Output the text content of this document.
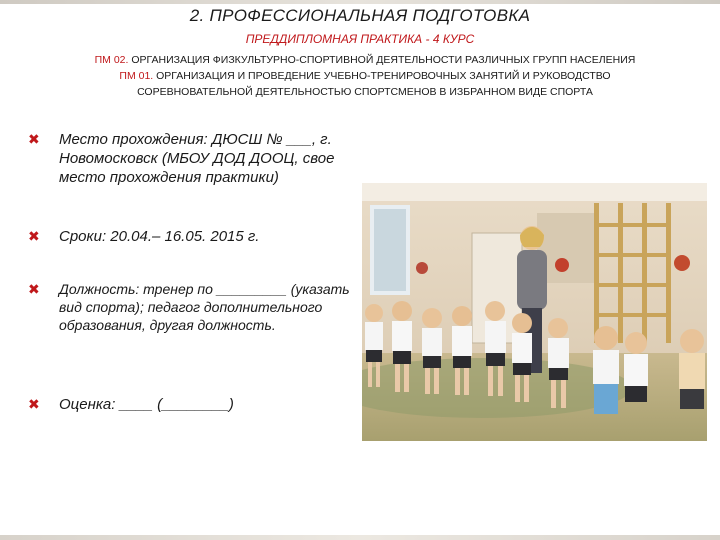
2. ПРОФЕССИОНАЛЬНАЯ ПОДГОТОВКА
ПРЕДДИПЛОМНАЯ ПРАКТИКА - 4 КУРС
ПМ 02. ОРГАНИЗАЦИЯ ФИЗКУЛЬТУРНО-СПОРТИВНОЙ ДЕЯТЕЛЬНОСТИ РАЗЛИЧНЫХ ГРУПП НАСЕЛЕНИЯ
ПМ 01. ОРГАНИЗАЦИЯ И ПРОВЕДЕНИЕ УЧЕБНО-ТРЕНИРОВОЧНЫХ ЗАНЯТИЙ И РУКОВОДСТВО
СОРЕВНОВАТЕЛЬНОЙ ДЕЯТЕЛЬНОСТЬЮ СПОРТСМЕНОВ В ИЗБРАННОМ ВИДЕ СПОРТА
✖ Место прохождения: ДЮСШ № ___, г. Новомосковск (МБОУ ДОД ДООЦ, свое место прохождения практики)
✖ Сроки: 20.04.– 16.05. 2015 г.
✖ Должность: тренер по _________ (указать вид спорта); педагог дополнительного образования, другая должность.
✖ Оценка: ____ (________)
